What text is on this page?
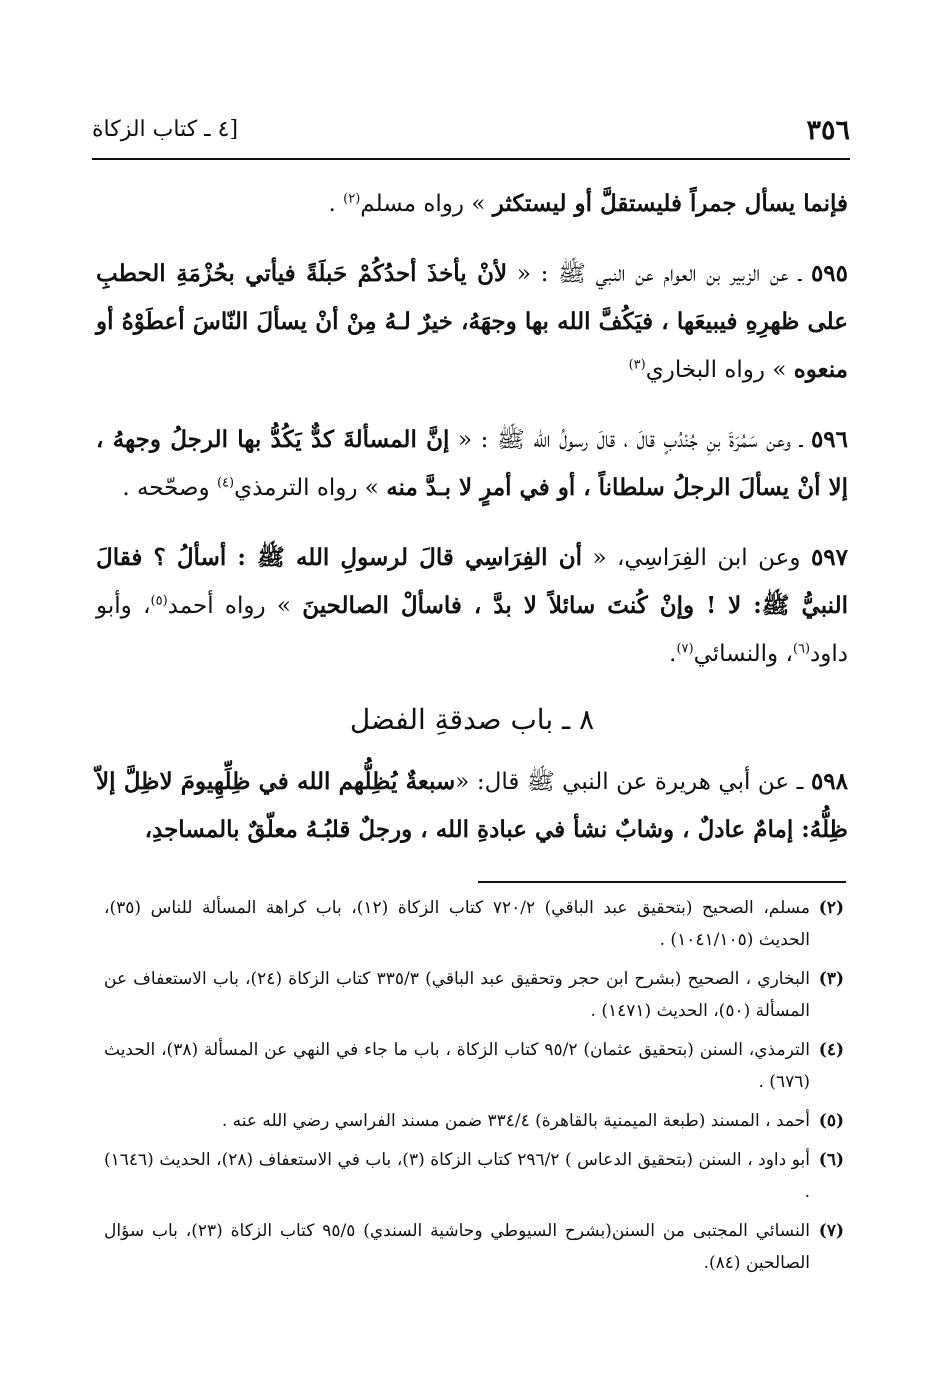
٣٥٦
[٤ ـ كتاب الزكاة

فإنما يسأل جمراً فليستقلَّ أو ليستكثر » رواه مسلم$^{(٢)}$ .

٥٩٥ ـ عن الزبير بن العوام عن النبي ﷺ : « لأنْ يأخذَ أحدُكُمْ حَبلَةً فيأتي بحُزْمَةِ الحطبِ على ظهرِهِ فيبيعَها ، فيَكُفَّ الله بها وجهَهُ، خيرٌ لـهُ مِنْ أنْ يسألَ النّاسَ أعطَوْهُ أو منعوه » رواه البخاري$^{(٣)}$

٥٩٦ ـ وعن سَمُرَةَ بنِ جُنْدُبٍ قالَ ، قالَ رسولُ الله ﷺ : « إنَّ المسألةَ كدٌّ يَكُدُّ بها الرجلُ وجههُ ، إلا أنْ يسألَ الرجلُ سلطاناً ، أو في أمرٍ لا بـدَّ منه » رواه الترمذي$^{(٤)}$ وصحّحه .

٥٩٧ وعن ابن الفِرَاسِي، « أن الفِرَاسِي قالَ لرسولِ الله ﷺ : أسألُ ؟ فقالَ النبيُّ ﷺ: لا ! وإنْ كُنتَ سائلاً لا بدَّ ، فاسألْ الصالحينَ » رواه أحمد$^{(٥)}$، وأبو داود$^{(٦)}$، والنسائي$^{(٧)}$.

٨ ـ باب صدقةِ الفضل

٥٩٨ ـ عن أبي هريرة عن النبي ﷺ قال: «سبعةٌ يُظِلُّهم الله في ظِلِّهِيومَ لاظِلَّ إلاّ ظِلُّهُ: إمامٌ عادلٌ ، وشابٌ نشأ في عبادةِ الله ، ورجلٌ قلبُـهُ معلّقٌ بالمساجدِ،

(٢)
مسلم، الصحيح (بتحقيق عبد الباقي) ٧٢٠/٢ كتاب الزكاة (١٢)، باب كراهة المسألة للناس (٣٥)، الحديث (١٠٤١/١٠٥) .

(٣)
البخاري ، الصحيح (بشرح ابن حجر وتحقيق عبد الباقي) ٣٣٥/٣ كتاب الزكاة (٢٤)، باب الاستعفاف عن المسألة (٥٠)، الحديث (١٤٧١) .

(٤)
الترمذي، السنن (بتحقيق عثمان) ٩٥/٢ كتاب الزكاة ، باب ما جاء في النهي عن المسألة (٣٨)، الحديث (٦٧٦) .

(٥)
أحمد ، المسند (طبعة الميمنية بالقاهرة) ٣٣٤/٤ ضمن مسند الفراسي رضي الله عنه .

(٦)
أبو داود ، السنن (بتحقيق الدعاس ) ٢٩٦/٢ كتاب الزكاة (٣)، باب في الاستعفاف (٢٨)، الحديث (١٦٤٦) .

(٧)
النسائي المجتبى من السنن(بشرح السيوطي وحاشية السندي) ٩٥/٥ كتاب الزكاة (٢٣)، باب سؤال الصالحين (٨٤).
